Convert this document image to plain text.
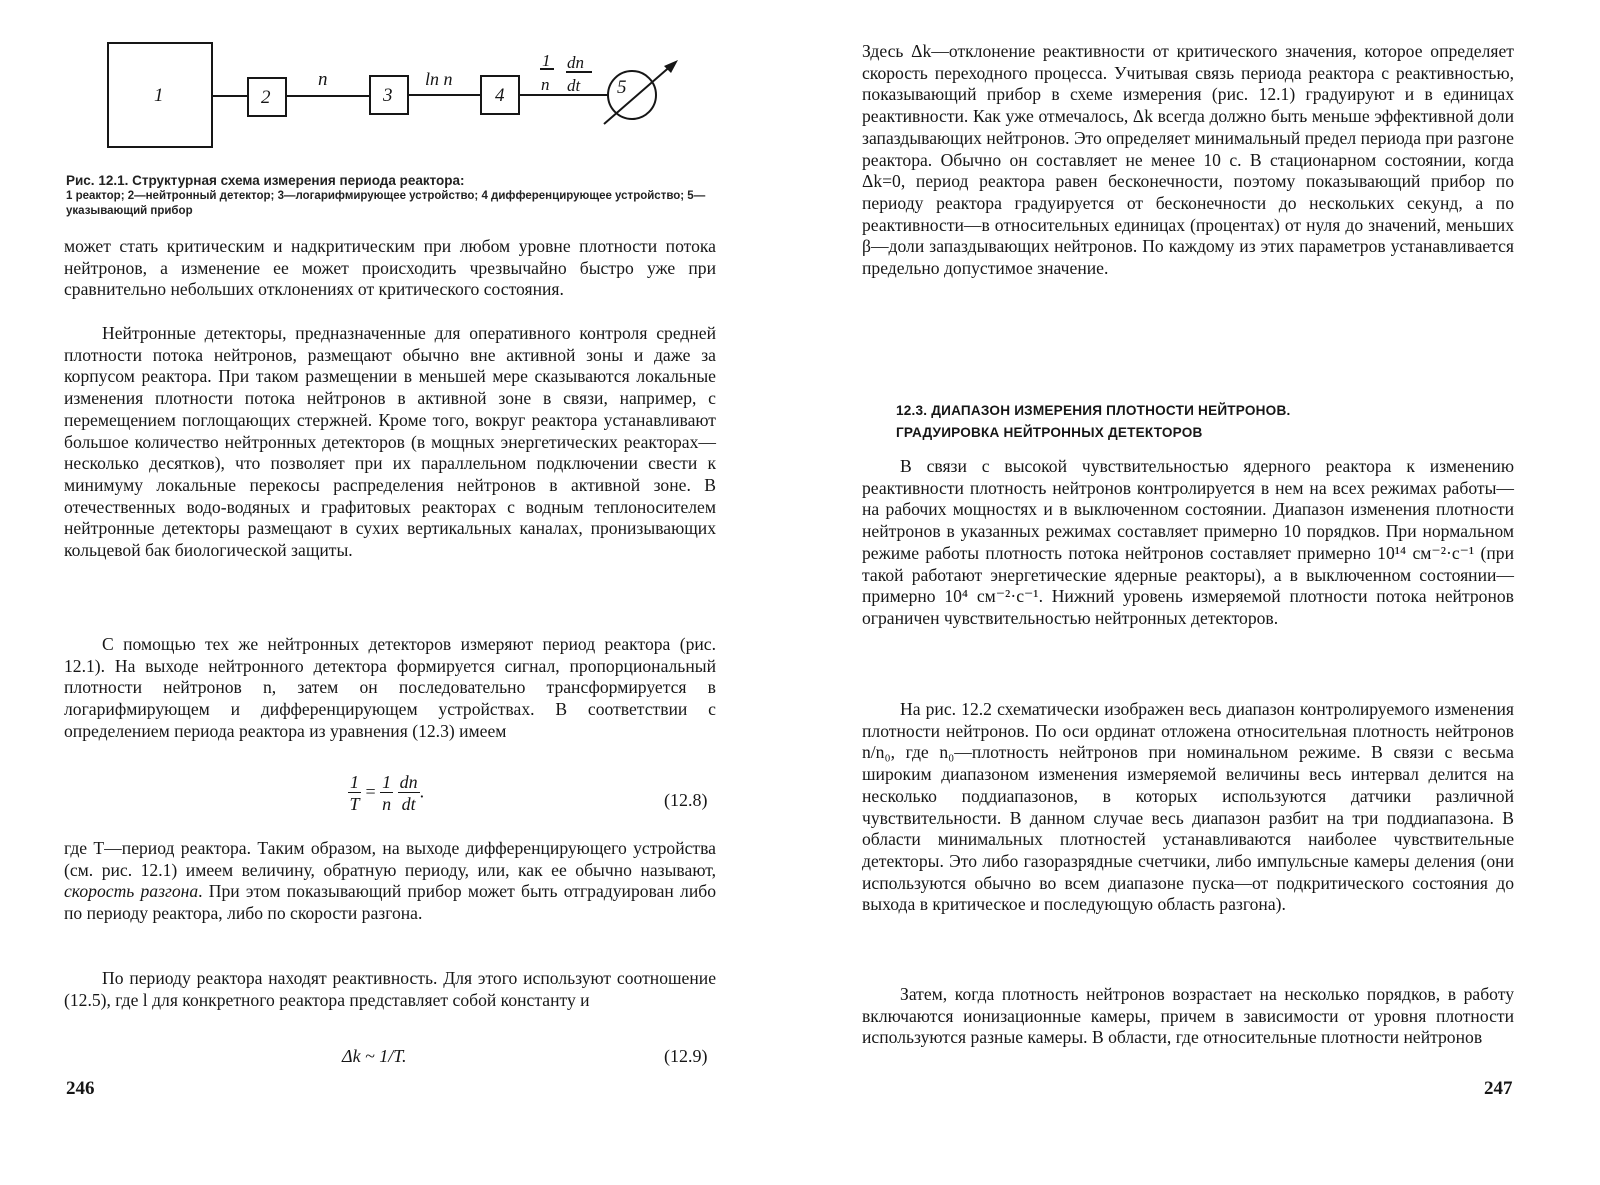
1	2	3	4	5
n	ln n
1
n
dn
dt
Рис. 12.1. Структурная схема измерения периода реактора:
1 реактор; 2—нейтронный детектор; 3—логарифмирующее устройство; 4 дифференцирующее устройство; 5—указывающий прибор

может стать критическим и надкритическим при любом уровне плотности потока нейтронов, а изменение ее может происходить чрезвычайно быстро уже при сравнительно небольших отклонениях от критического состояния.

Нейтронные детекторы, предназначенные для оперативного контроля средней плотности потока нейтронов, размещают обычно вне активной зоны и даже за корпусом реактора. При таком размещении в меньшей мере сказываются локальные изменения плотности потока нейтронов в активной зоне в связи, например, с перемещением поглощающих стержней. Кроме того, вокруг реактора устанавливают большое количество нейтронных детекторов (в мощных энергетических реакторах—несколько десятков), что позволяет при их параллельном подключении свести к минимуму локальные перекосы распределения нейтронов в активной зоне. В отечественных водо-водяных и графитовых реакторах с водным теплоносителем нейтронные детекторы размещают в сухих вертикальных каналах, пронизывающих кольцевой бак биологической защиты.

С помощью тех же нейтронных детекторов измеряют период реактора (рис. 12.1). На выходе нейтронного детектора формируется сигнал, пропорциональный плотности нейтронов n, затем он последовательно трансформируется в логарифмирующем и дифференцирующем устройствах. В соответствии с определением периода реактора из уравнения (12.3) имеем

$\frac{1}{T} = \frac{1}{n}$
$\frac{dn}{dt}$ .	(12.8)

где T—период реактора. Таким образом, на выходе дифференцирующего устройства (см. рис. 12.1) имеем величину, обратную периоду, или, как ее обычно называют, скорость разгона. При этом показывающий прибор может быть отградуирован либо по периоду реактора, либо по скорости разгона.

По периоду реактора находят реактивность. Для этого используют соотношение (12.5), где l для конкретного реактора представляет собой константу и

Δk ~ 1/T.	(12.9)
246

Здесь Δk—отклонение реактивности от критического значения, которое определяет скорость переходного процесса. Учитывая связь периода реактора с реактивностью, показывающий прибор в схеме измерения (рис. 12.1) градуируют и в единицах реактивности. Как уже отмечалось, Δk всегда должно быть меньше эффективной доли запаздывающих нейтронов. Это определяет минимальный предел периода при разгоне реактора. Обычно он составляет не менее 10 с. В стационарном состоянии, когда Δk=0, период реактора равен бесконечности, поэтому показывающий прибор по периоду реактора градуируется от бесконечности до нескольких секунд, а по реактивности—в относительных единицах (процентах) от нуля до значений, меньших β—доли запаздывающих нейтронов. По каждому из этих параметров устанавливается предельно допустимое значение.

12.3. ДИАПАЗОН ИЗМЕРЕНИЯ ПЛОТНОСТИ НЕЙТРОНОВ.
ГРАДУИРОВКА НЕЙТРОННЫХ ДЕТЕКТОРОВ

В связи с высокой чувствительностью ядерного реактора к изменению реактивности плотность нейтронов контролируется в нем на всех режимах работы—на рабочих мощностях и в выключенном состоянии. Диапазон изменения плотности нейтронов в указанных режимах составляет примерно 10 порядков. При нормальном режиме работы плотность потока нейтронов составляет примерно 10¹⁴ см⁻²·с⁻¹ (при такой работают энергетические ядерные реакторы), а в выключенном состоянии—примерно 10⁴ см⁻²·с⁻¹. Нижний уровень измеряемой плотности потока нейтронов ограничен чувствительностью нейтронных детекторов.

На рис. 12.2 схематически изображен весь диапазон контролируемого изменения плотности нейтронов. По оси ординат отложена относительная плотность нейтронов n/n₀, где n₀—плотность нейтронов при номинальном режиме. В связи с весьма широким диапазоном изменения измеряемой величины весь интервал делится на несколько поддиапазонов, в которых используются датчики различной чувствительности. В данном случае весь диапазон разбит на три поддиапазона. В области минимальных плотностей устанавливаются наиболее чувствительные детекторы. Это либо газоразрядные счетчики, либо импульсные камеры деления (они используются обычно во всем диапазоне пуска—от подкритического состояния до выхода в критическое и последующую область разгона).

Затем, когда плотность нейтронов возрастает на несколько порядков, в работу включаются ионизационные камеры, причем в зависимости от уровня плотности используются разные камеры. В области, где относительные плотности нейтронов

247
